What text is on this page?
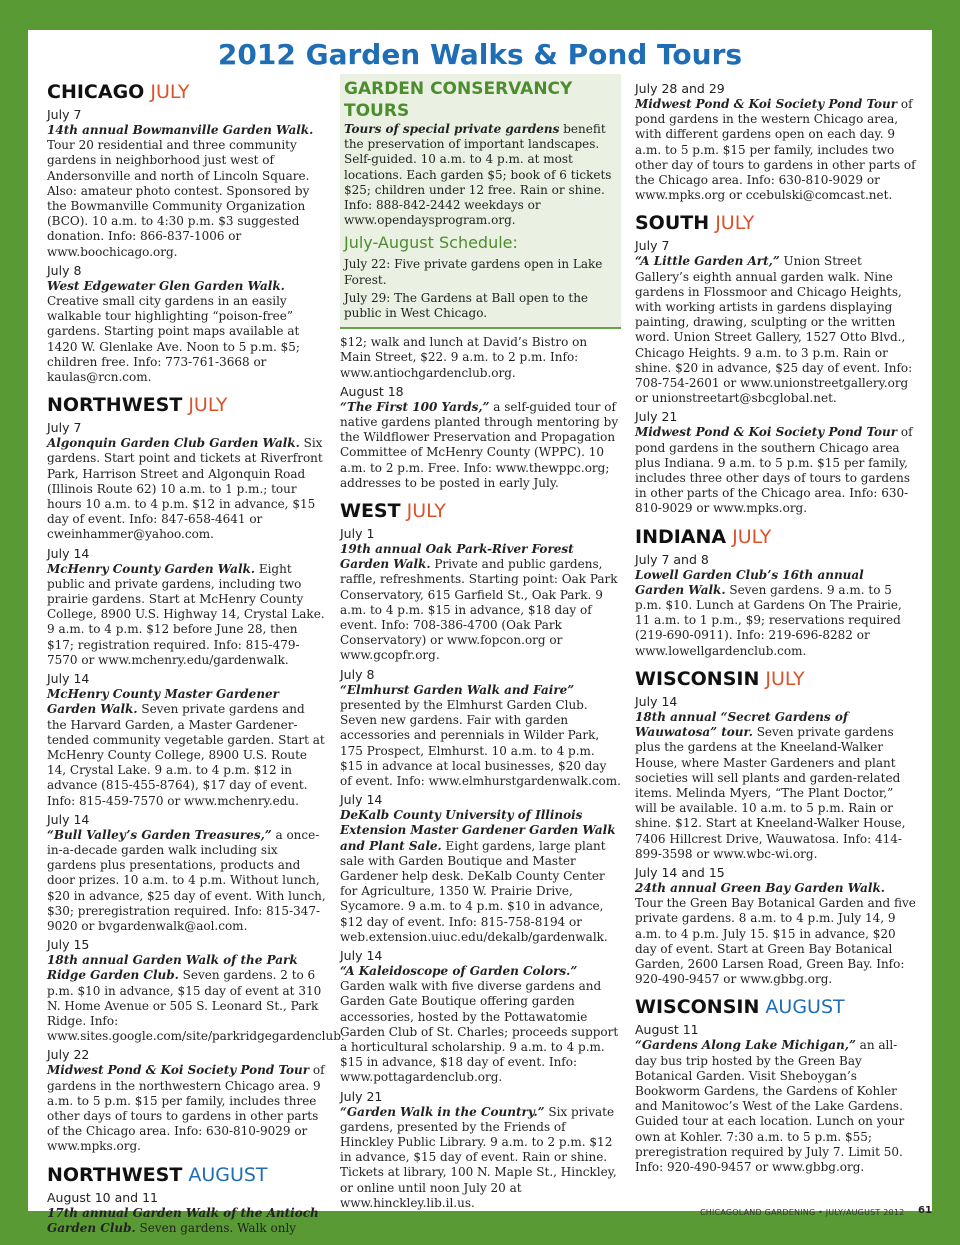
2012 Garden Walks & Pond Tours
CHICAGO JULY
July 7
14th annual Bowmanville Garden Walk. Tour 20 residential and three community gardens in neighborhood just west of Andersonville and north of Lincoln Square. Also: amateur photo contest. Sponsored by the Bowmanville Community Organization (BCO). 10 a.m. to 4:30 p.m. $3 suggested donation. Info: 866-837-1006 or www.boochicago.org.
July 8
West Edgewater Glen Garden Walk. Creative small city gardens in an easily walkable tour highlighting “poison-free” gardens. Starting point maps available at 1420 W. Glenlake Ave. Noon to 5 p.m. $5; children free. Info: 773-761-3668 or kaulas@rcn.com.
NORTHWEST JULY
July 7
Algonquin Garden Club Garden Walk. Six gardens. Start point and tickets at Riverfront Park, Harrison Street and Algonquin Road (Illinois Route 62) 10 a.m. to 1 p.m.; tour hours 10 a.m. to 4 p.m. $12 in advance, $15 day of event. Info: 847-658-4641 or cweinhammer@yahoo.com.
July 14
McHenry County Garden Walk. Eight public and private gardens, including two prairie gardens. Start at McHenry County College, 8900 U.S. Highway 14, Crystal Lake. 9 a.m. to 4 p.m. $12 before June 28, then $17; registration required. Info: 815-479-7570 or www.mchenry.edu/gardenwalk.
July 14
McHenry County Master Gardener Garden Walk. Seven private gardens and the Harvard Garden, a Master Gardener-tended community vegetable garden. Start at McHenry County College, 8900 U.S. Route 14, Crystal Lake. 9 a.m. to 4 p.m. $12 in advance (815-455-8764), $17 day of event. Info: 815-459-7570 or www.mchenry.edu.
July 14
“Bull Valley’s Garden Treasures,” a once-in-a-decade garden walk including six gardens plus presentations, products and door prizes. 10 a.m. to 4 p.m. Without lunch, $20 in advance, $25 day of event. With lunch, $30; preregistration required. Info: 815-347-9020 or bvgardenwalk@aol.com.
July 15
18th annual Garden Walk of the Park Ridge Garden Club. Seven gardens. 2 to 6 p.m. $10 in advance, $15 day of event at 310 N. Home Avenue or 505 S. Leonard St., Park Ridge. Info: www.sites.google.com/site/parkridgegardenclub.
July 22
Midwest Pond & Koi Society Pond Tour of gardens in the northwestern Chicago area. 9 a.m. to 5 p.m. $15 per family, includes three other days of tours to gardens in other parts of the Chicago area. Info: 630-810-9029 or www.mpks.org.
NORTHWEST AUGUST
August 10 and 11
17th annual Garden Walk of the Antioch Garden Club. Seven gardens. Walk only
GARDEN CONSERVANCY TOURS
Tours of special private gardens benefit the preservation of important landscapes. Self-guided. 10 a.m. to 4 p.m. at most locations. Each garden $5; book of 6 tickets $25; children under 12 free. Rain or shine. Info: 888-842-2442 weekdays or www.opendaysprogram.org.
July-August Schedule:

July 22: Five private gardens open in Lake Forest.

July 29: The Gardens at Ball open to the public in West Chicago.

$12; walk and lunch at David’s Bistro on Main Street, $22. 9 a.m. to 2 p.m. Info: www.antiochgardenclub.org.
August 18
“The First 100 Yards,” a self-guided tour of native gardens planted through mentoring by the Wildflower Preservation and Propagation Committee of McHenry County (WPPC). 10 a.m. to 2 p.m. Free. Info: www.thewppc.org; addresses to be posted in early July.
WEST JULY
July 1
19th annual Oak Park-River Forest Garden Walk. Private and public gardens, raffle, refreshments. Starting point: Oak Park Conservatory, 615 Garfield St., Oak Park. 9 a.m. to 4 p.m. $15 in advance, $18 day of event. Info: 708-386-4700 (Oak Park Conservatory) or www.fopcon.org or www.gcopfr.org.
July 8
“Elmhurst Garden Walk and Faire” presented by the Elmhurst Garden Club. Seven new gardens. Fair with garden accessories and perennials in Wilder Park, 175 Prospect, Elmhurst. 10 a.m. to 4 p.m. $15 in advance at local businesses, $20 day of event. Info: www.elmhurstgardenwalk.com.
July 14
DeKalb County University of Illinois Extension Master Gardener Garden Walk and Plant Sale. Eight gardens, large plant sale with Garden Boutique and Master Gardener help desk. DeKalb County Center for Agriculture, 1350 W. Prairie Drive, Sycamore. 9 a.m. to 4 p.m. $10 in advance, $12 day of event. Info: 815-758-8194 or web.extension.uiuc.edu/dekalb/gardenwalk.
July 14
“A Kaleidoscope of Garden Colors.” Garden walk with five diverse gardens and Garden Gate Boutique offering garden accessories, hosted by the Pottawatomie Garden Club of St. Charles; proceeds support a horticultural scholarship. 9 a.m. to 4 p.m. $15 in advance, $18 day of event. Info: www.pottagardenclub.org.
July 21
“Garden Walk in the Country.” Six private gardens, presented by the Friends of Hinckley Public Library. 9 a.m. to 2 p.m. $12 in advance, $15 day of event. Rain or shine. Tickets at library, 100 N. Maple St., Hinckley, or online until noon July 20 at www.hinckley.lib.il.us.
July 28 and 29
Midwest Pond & Koi Society Pond Tour of pond gardens in the western Chicago area, with different gardens open on each day. 9 a.m. to 5 p.m. $15 per family, includes two other day of tours to gardens in other parts of the Chicago area. Info: 630-810-9029 or www.mpks.org or ccebulski@comcast.net.
SOUTH JULY
July 7
“A Little Garden Art,” Union Street Gallery’s eighth annual garden walk. Nine gardens in Flossmoor and Chicago Heights, with working artists in gardens displaying painting, drawing, sculpting or the written word. Union Street Gallery, 1527 Otto Blvd., Chicago Heights. 9 a.m. to 3 p.m. Rain or shine. $20 in advance, $25 day of event. Info: 708-754-2601 or www.unionstreetgallery.org or unionstreetart@sbcglobal.net.
July 21
Midwest Pond & Koi Society Pond Tour of pond gardens in the southern Chicago area plus Indiana. 9 a.m. to 5 p.m. $15 per family, includes three other days of tours to gardens in other parts of the Chicago area. Info: 630-810-9029 or www.mpks.org.
INDIANA JULY
July 7 and 8
Lowell Garden Club’s 16th annual Garden Walk. Seven gardens. 9 a.m. to 5 p.m. $10. Lunch at Gardens On The Prairie, 11 a.m. to 1 p.m., $9; reservations required (219-690-0911). Info: 219-696-8282 or www.lowellgardenclub.com.
WISCONSIN JULY
July 14
18th annual “Secret Gardens of Wauwatosa” tour. Seven private gardens plus the gardens at the Kneeland-Walker House, where Master Gardeners and plant societies will sell plants and garden-related items. Melinda Myers, “The Plant Doctor,” will be available. 10 a.m. to 5 p.m. Rain or shine. $12. Start at Kneeland-Walker House, 7406 Hillcrest Drive, Wauwatosa. Info: 414-899-3598 or www.wbc-wi.org.
July 14 and 15
24th annual Green Bay Garden Walk. Tour the Green Bay Botanical Garden and five private gardens. 8 a.m. to 4 p.m. July 14, 9 a.m. to 4 p.m. July 15. $15 in advance, $20 day of event. Start at Green Bay Botanical Garden, 2600 Larsen Road, Green Bay. Info: 920-490-9457 or www.gbbg.org.
WISCONSIN AUGUST
August 11
“Gardens Along Lake Michigan,” an all-day bus trip hosted by the Green Bay Botanical Garden. Visit Sheboygan’s Bookworm Gardens, the Gardens of Kohler and Manitowoc’s West of the Lake Gardens. Guided tour at each location. Lunch on your own at Kohler. 7:30 a.m. to 5 p.m. $55; preregistration required by July 7. Limit 50. Info: 920-490-9457 or www.gbbg.org.
CHICAGOLAND GARDENING • JULY/AUGUST 2012 61
